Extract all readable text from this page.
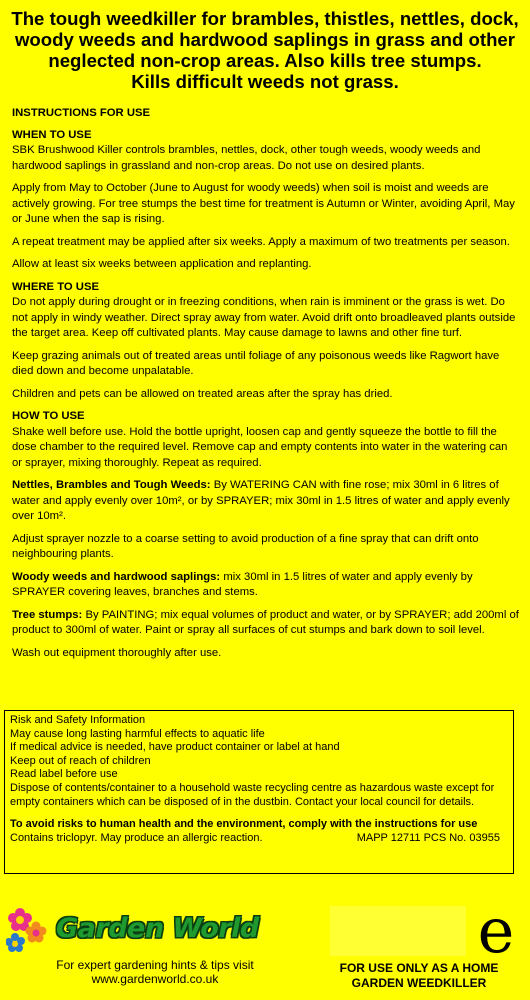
The tough weedkiller for brambles, thistles, nettles, dock,
woody weeds and hardwood saplings in grass and other
neglected non-crop areas. Also kills tree stumps.
Kills difficult weeds not grass.
INSTRUCTIONS FOR USE
WHEN TO USE

SBK Brushwood Killer controls brambles, nettles, dock, other tough weeds, woody weeds and hardwood saplings in grassland and non-crop areas. Do not use on desired plants.

Apply from May to October (June to August for woody weeds) when soil is moist and weeds are actively growing. For tree stumps the best time for treatment is Autumn or Winter, avoiding April, May or June when the sap is rising.

A repeat treatment may be applied after six weeks. Apply a maximum of two treatments per season.

Allow at least six weeks between application and replanting.

WHERE TO USE

Do not apply during drought or in freezing conditions, when rain is imminent or the grass is wet. Do not apply in windy weather. Direct spray away from water. Avoid drift onto broadleaved plants outside the target area. Keep off cultivated plants. May cause damage to lawns and other fine turf.

Keep grazing animals out of treated areas until foliage of any poisonous weeds like Ragwort have died down and become unpalatable.

Children and pets can be allowed on treated areas after the spray has dried.

HOW TO USE

Shake well before use. Hold the bottle upright, loosen cap and gently squeeze the bottle to fill the dose chamber to the required level. Remove cap and empty contents into water in the watering can or sprayer, mixing thoroughly. Repeat as required.

Nettles, Brambles and Tough Weeds: By WATERING CAN with fine rose; mix 30ml in 6 litres of water and apply evenly over 10m², or by SPRAYER; mix 30ml in 1.5 litres of water and apply evenly over 10m².

Adjust sprayer nozzle to a coarse setting to avoid production of a fine spray that can drift onto neighbouring plants.

Woody weeds and hardwood saplings: mix 30ml in 1.5 litres of water and apply evenly by SPRAYER covering leaves, branches and stems.

Tree stumps: By PAINTING; mix equal volumes of product and water, or by SPRAYER; add 200ml of product to 300ml of water. Paint or spray all surfaces of cut stumps and bark down to soil level.

Wash out equipment thoroughly after use.

Risk and Safety Information
May cause long lasting harmful effects to aquatic life
If medical advice is needed, have product container or label at hand
Keep out of reach of children
Read label before use
Dispose of contents/container to a household waste recycling centre as hazardous waste except for empty containers which can be disposed of in the dustbin. Contact your local council for details.
To avoid risks to human health and the environment, comply with the instructions for use
Contains triclopyr. May produce an allergic reaction.	MAPP 12711 PCS No. 03955
Garden World
For expert gardening hints & tips visit
www.gardenworld.co.uk
e
FOR USE ONLY AS A HOME
GARDEN WEEDKILLER
